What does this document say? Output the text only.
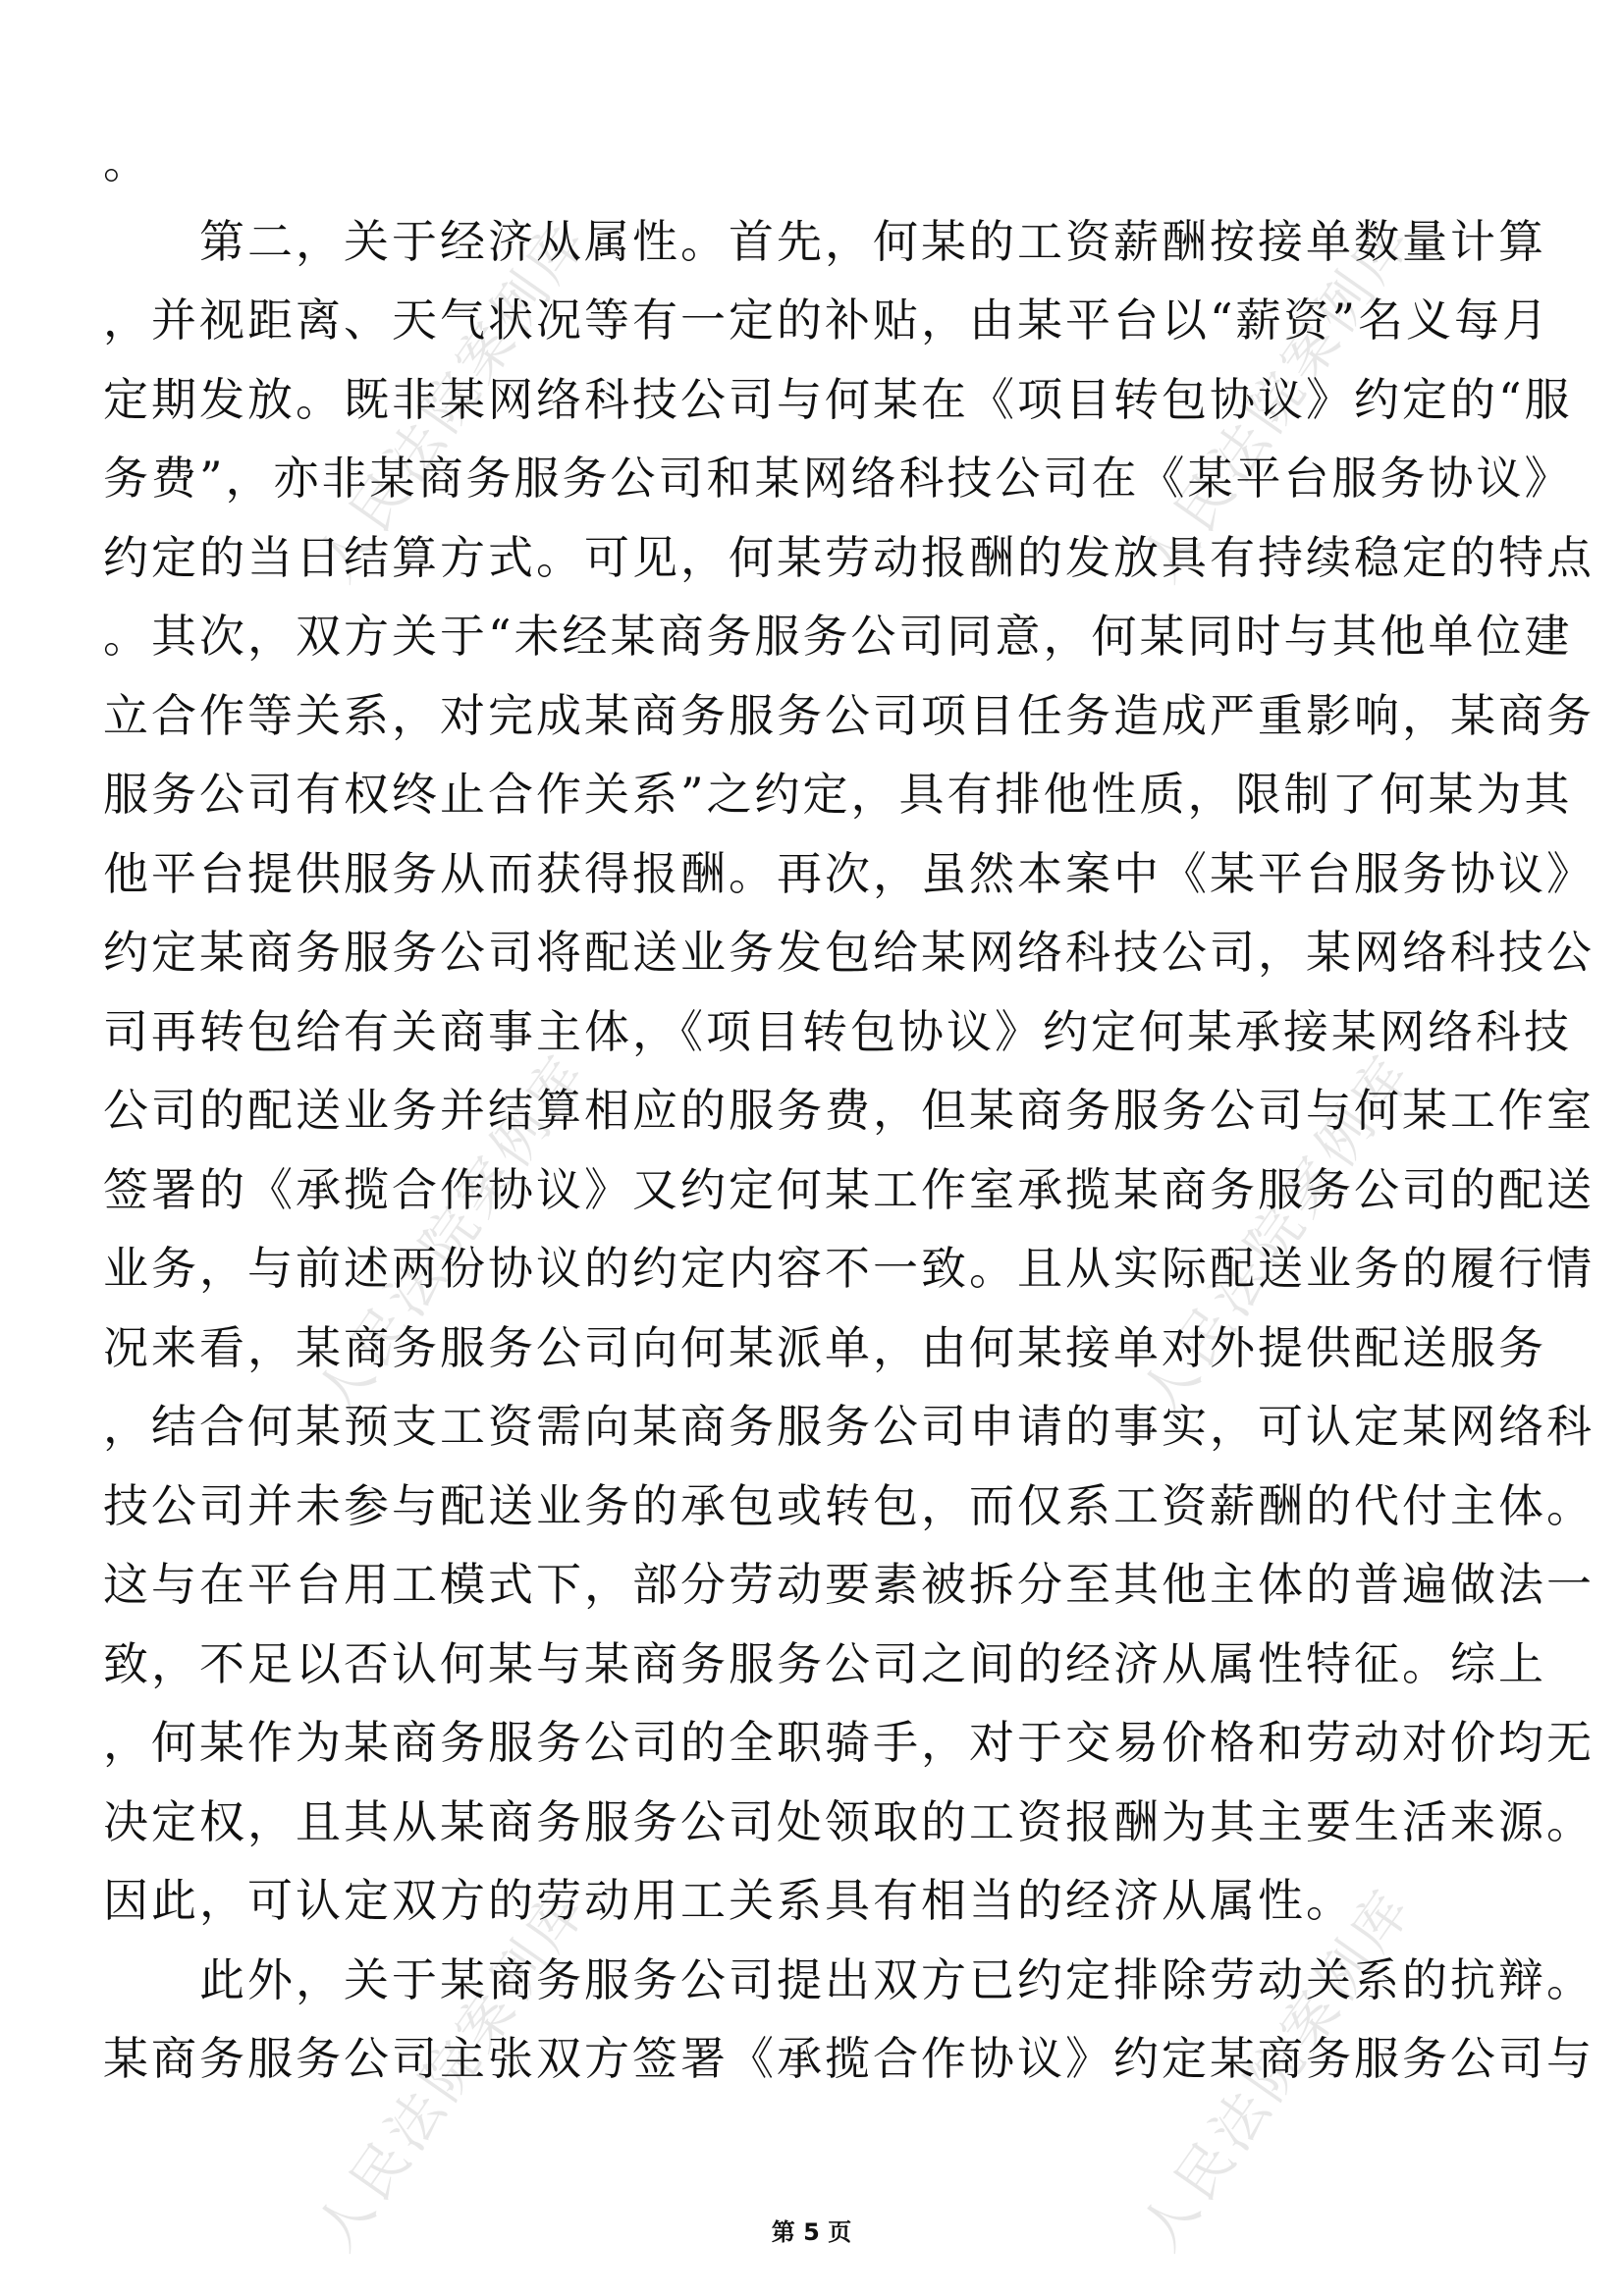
人民法院案例库	人民法院案例库
人民法院案例库	人民法院案例库
人民法院案例库	人民法院案例库
。
　　第二，关于经济从属性。首先，何某的工资薪酬按接单数量计算
，并视距离、天气状况等有一定的补贴，由某平台以“薪资”名义每月
定期发放。既非某网络科技公司与何某在《项目转包协议》约定的“服
务费”，亦非某商务服务公司和某网络科技公司在《某平台服务协议》
约定的当日结算方式。可见，何某劳动报酬的发放具有持续稳定的特点
。其次，双方关于“未经某商务服务公司同意，何某同时与其他单位建
立合作等关系，对完成某商务服务公司项目任务造成严重影响，某商务
服务公司有权终止合作关系”之约定，具有排他性质，限制了何某为其
他平台提供服务从而获得报酬。再次，虽然本案中《某平台服务协议》
约定某商务服务公司将配送业务发包给某网络科技公司，某网络科技公
司再转包给有关商事主体，《项目转包协议》约定何某承接某网络科技
公司的配送业务并结算相应的服务费，但某商务服务公司与何某工作室
签署的《承揽合作协议》又约定何某工作室承揽某商务服务公司的配送
业务，与前述两份协议的约定内容不一致。且从实际配送业务的履行情
况来看，某商务服务公司向何某派单，由何某接单对外提供配送服务
，结合何某预支工资需向某商务服务公司申请的事实，可认定某网络科
技公司并未参与配送业务的承包或转包，而仅系工资薪酬的代付主体。
这与在平台用工模式下，部分劳动要素被拆分至其他主体的普遍做法一
致，不足以否认何某与某商务服务公司之间的经济从属性特征。综上
，何某作为某商务服务公司的全职骑手，对于交易价格和劳动对价均无
决定权，且其从某商务服务公司处领取的工资报酬为其主要生活来源。
因此，可认定双方的劳动用工关系具有相当的经济从属性。
　　此外，关于某商务服务公司提出双方已约定排除劳动关系的抗辩。
某商务服务公司主张双方签署《承揽合作协议》约定某商务服务公司与
第 5 页
